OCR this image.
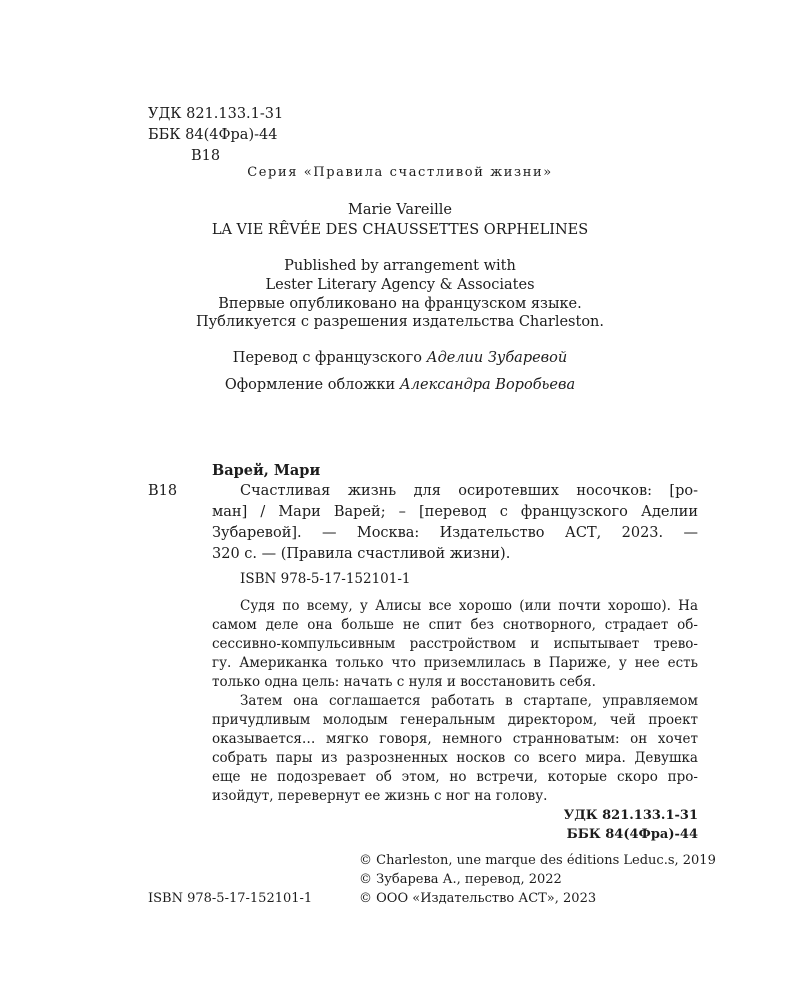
УДК 821.133.1-31
ББК 84(4Фра)-44
В18
Серия «Правила счастливой жизни»
Marie Vareille
LA VIE RÊVÉE DES CHAUSSETTES ORPHELINES
Published by arrangement with
Lester Literary Agency & Associates
Впервые опубликовано на французском языке.
Публикуется с разрешения издательства Charleston.
Перевод с французского Аделии Зубаревой
Оформление обложки Александра Воробьева
Варей, Мари
В18	Счастливая жизнь для осиротевших носочков: [ро-
ман] / Мари Варей; – [перевод с французского Аделии
Зубаревой]. — Москва: Издательство АСТ, 2023. —
320 с. — (Правила счастливой жизни).
ISBN 978-5-17-152101-1
Судя по всему, у Алисы все хорошо (или почти хорошо). На
самом деле она больше не спит без снотворного, страдает об-
сессивно-компульсивным расстройством и испытывает трево-
гу. Американка только что приземлилась в Париже, у нее есть
только одна цель: начать с нуля и восстановить себя.
Затем она соглашается работать в стартапе, управляемом
причудливым молодым генеральным директором, чей проект
оказывается… мягко говоря, немного странноватым: он хочет
собрать пары из разрозненных носков со всего мира. Девушка
еще не подозревает об этом, но встречи, которые скоро про-
изойдут, перевернут ее жизнь с ног на голову.
УДК 821.133.1-31
ББК 84(4Фра)-44
© Charleston, une marque des éditions Leduc.s, 2019
© Зубарева А., перевод, 2022
ISBN 978-5-17-152101-1	© ООО «Издательство АСТ», 2023
